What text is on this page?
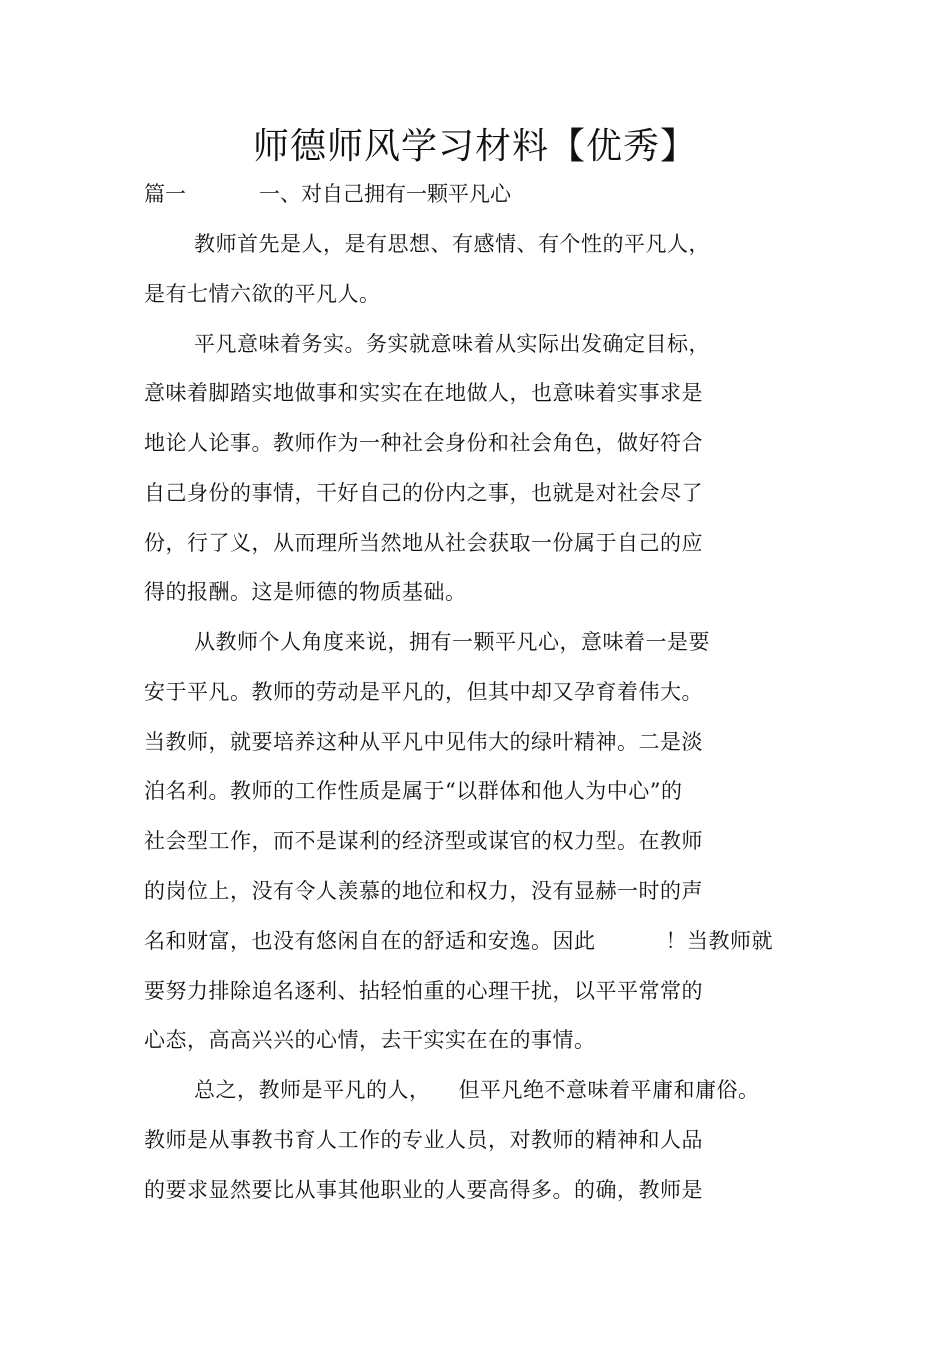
师德师风学习材料【优秀】
篇一	一、对自己拥有一颗平凡心
教师首先是人，是有思想、有感情、有个性的平凡人，
是有七情六欲的平凡人。
平凡意味着务实。务实就意味着从实际出发确定目标，
意味着脚踏实地做事和实实在在地做人，也意味着实事求是
地论人论事。教师作为一种社会身份和社会角色，做好符合
自己身份的事情，干好自己的份内之事，也就是对社会尽了
份，行了义，从而理所当然地从社会获取一份属于自己的应
得的报酬。这是师德的物质基础。
从教师个人角度来说，拥有一颗平凡心，意味着一是要
安于平凡。教师的劳动是平凡的，但其中却又孕育着伟大。
当教师，就要培养这种从平凡中见伟大的绿叶精神。二是淡
泊名利。教师的工作性质是属于“以群体和他人为中心”的
社会型工作，而不是谋利的经济型或谋官的权力型。在教师
的岗位上，没有令人羡慕的地位和权力，没有显赫一时的声
名和财富，也没有悠闲自在的舒适和安逸。因此	！当教师就
要努力排除追名逐利、拈轻怕重的心理干扰，以平平常常的
心态，高高兴兴的心情，去干实实在在的事情。
总之，教师是平凡的人， 但平凡绝不意味着平庸和庸俗。
教师是从事教书育人工作的专业人员，对教师的精神和人品
的要求显然要比从事其他职业的人要高得多。的确，教师是
